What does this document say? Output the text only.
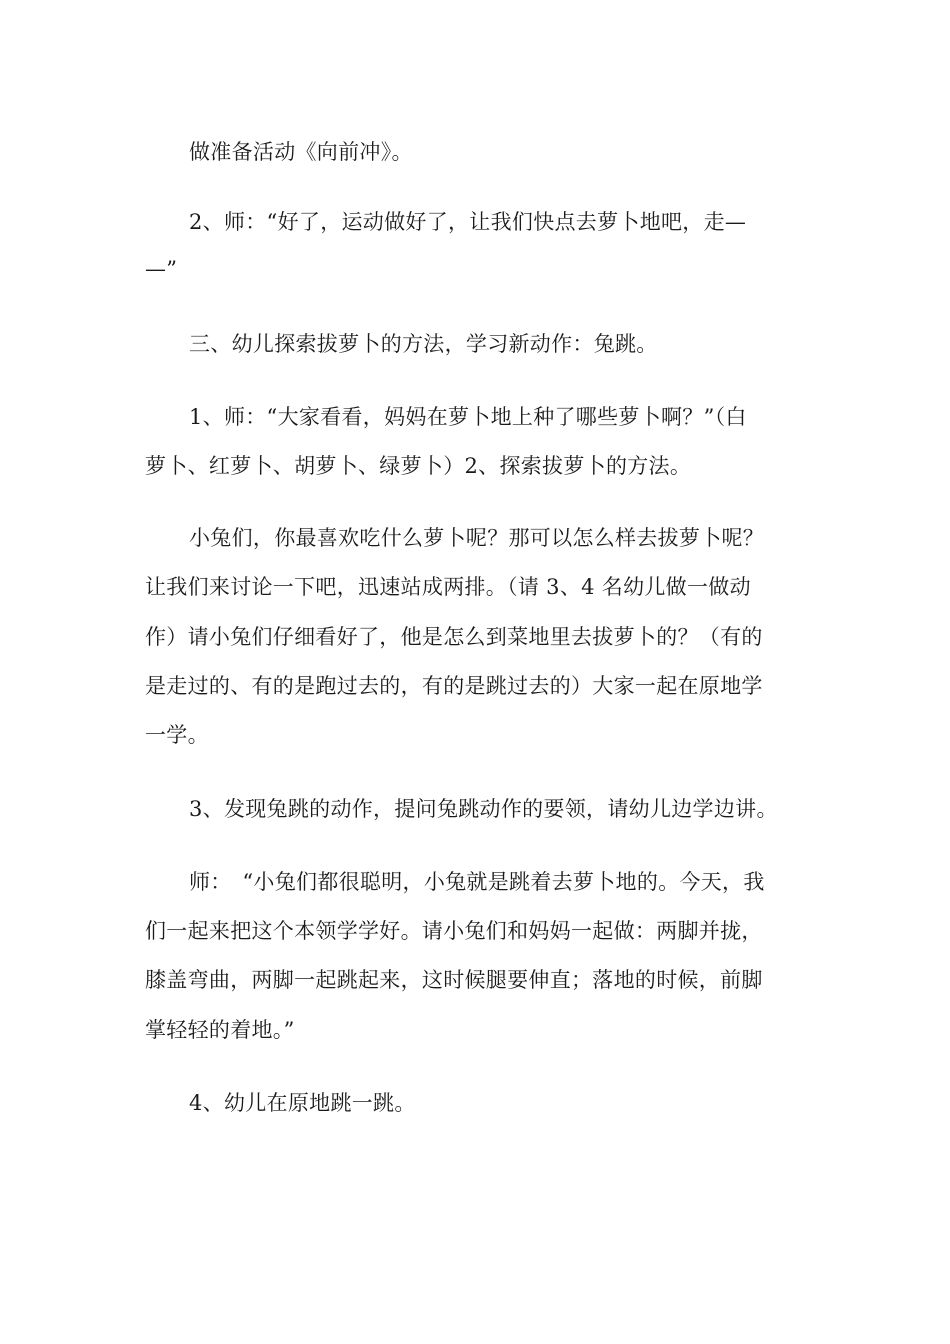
做准备活动《向前冲》。

2、师：“好了，运动做好了，让我们快点去萝卜地吧，走—

—”

三、幼儿探索拔萝卜的方法，学习新动作：兔跳。

1、师：“大家看看，妈妈在萝卜地上种了哪些萝卜啊？”（白

萝卜、红萝卜、胡萝卜、绿萝卜）2、探索拔萝卜的方法。

小兔们，你最喜欢吃什么萝卜呢？那可以怎么样去拔萝卜呢？

让我们来讨论一下吧，迅速站成两排。（请 3、4 名幼儿做一做动

作）请小兔们仔细看好了，他是怎么到菜地里去拔萝卜的？（有的

是走过的、有的是跑过去的，有的是跳过去的）大家一起在原地学

一学。

3、发现兔跳的动作，提问兔跳动作的要领，请幼儿边学边讲。

师：　“小兔们都很聪明，小兔就是跳着去萝卜地的。今天，我

们一起来把这个本领学学好。请小兔们和妈妈一起做：两脚并拢，

膝盖弯曲，两脚一起跳起来，这时候腿要伸直；落地的时候，前脚

掌轻轻的着地。”

4、幼儿在原地跳一跳。
